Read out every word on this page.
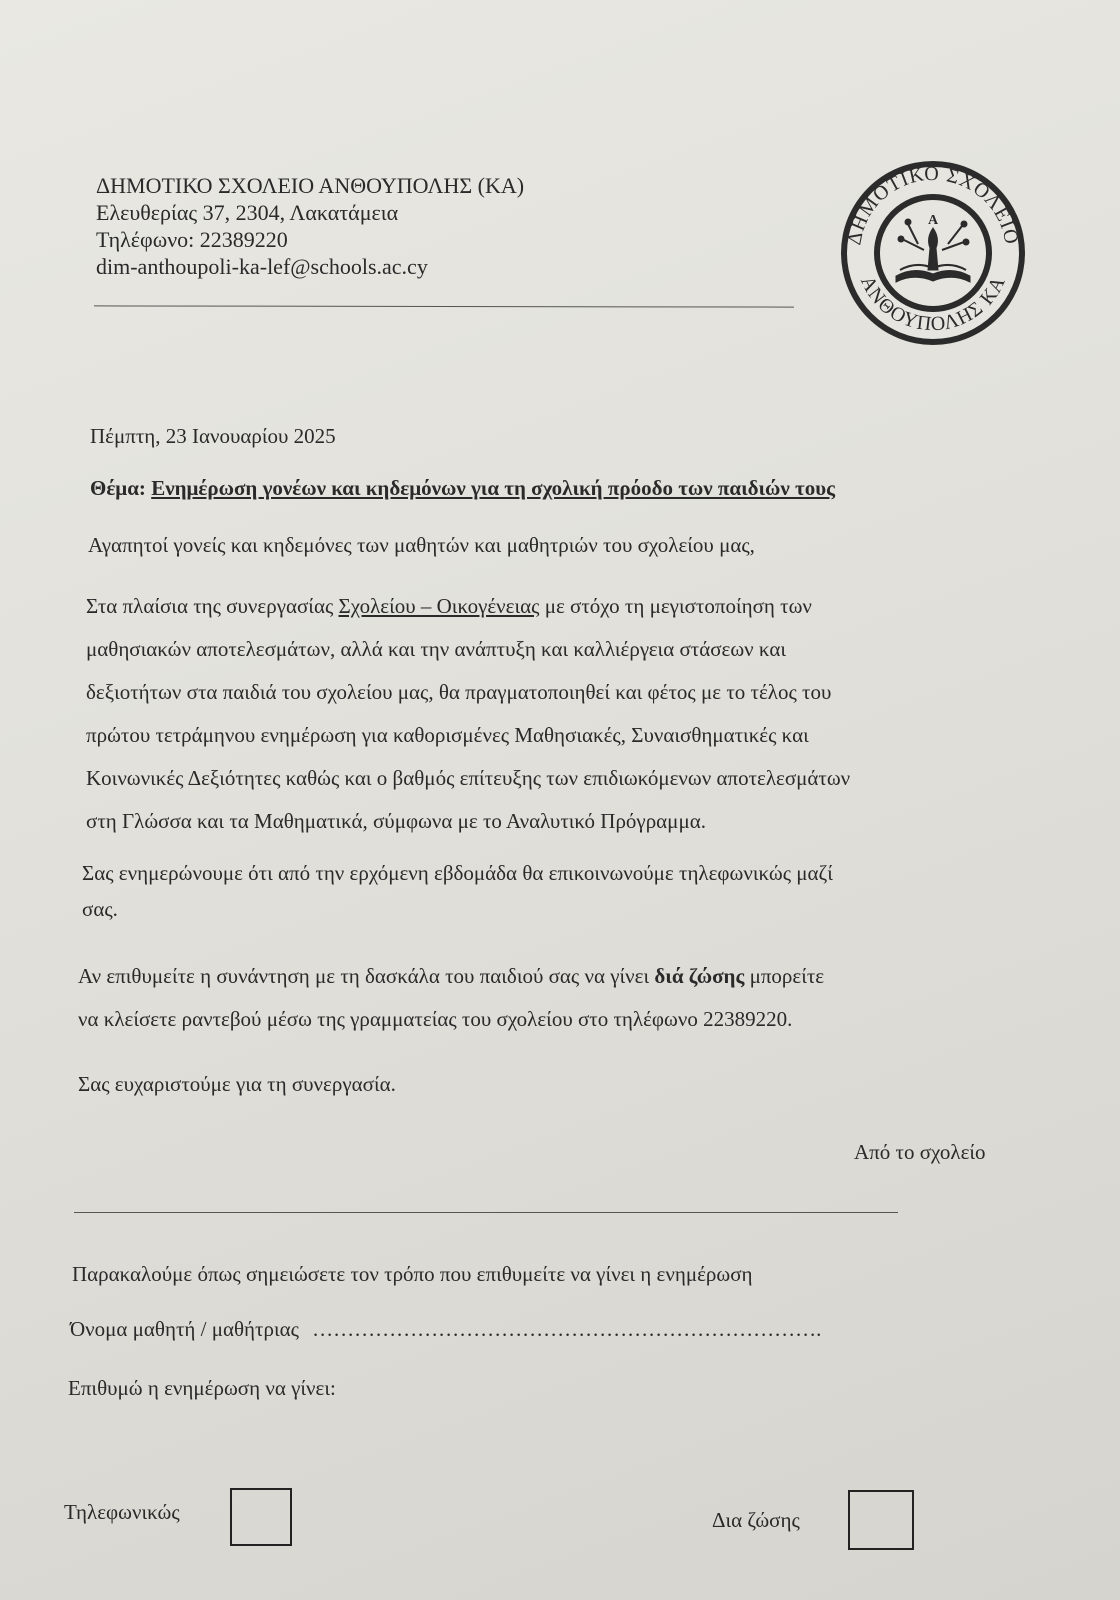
ΔΗΜΟΤΙΚΟ ΣΧΟΛΕΙΟ ΑΝΘΟΥΠΟΛΗΣ (ΚΑ)
Ελευθερίας 37, 2304, Λακατάμεια
Τηλέφωνο: 22389220
dim-anthoupoli-ka-lef@schools.ac.cy
ΔΗΜΟΤΙΚΟ ΣΧΟΛΕΙΟ
ΑΝΘΟΥΠΟΛΗΣ ΚΑ
Α
Πέμπτη, 23 Ιανουαρίου 2025
Θέμα: Ενημέρωση γονέων και κηδεμόνων για τη σχολική πρόοδο των παιδιών τους
Αγαπητοί γονείς και κηδεμόνες των μαθητών και μαθητριών του σχολείου μας,
Στα πλαίσια της συνεργασίας Σχολείου – Οικογένειας με στόχο τη μεγιστοποίηση των
μαθησιακών αποτελεσμάτων, αλλά και την ανάπτυξη και καλλιέργεια στάσεων και
δεξιοτήτων στα παιδιά του σχολείου μας, θα πραγματοποιηθεί και φέτος με το τέλος του
πρώτου τετράμηνου ενημέρωση για καθορισμένες Μαθησιακές, Συναισθηματικές και
Κοινωνικές Δεξιότητες καθώς και ο βαθμός επίτευξης των επιδιωκόμενων αποτελεσμάτων
στη Γλώσσα και τα Μαθηματικά, σύμφωνα με το Αναλυτικό Πρόγραμμα.
Σας ενημερώνουμε ότι από την ερχόμενη εβδομάδα θα επικοινωνούμε τηλεφωνικώς μαζί
σας.
Αν επιθυμείτε η συνάντηση με τη δασκάλα του παιδιού σας να γίνει διά ζώσης μπορείτε
να κλείσετε ραντεβού μέσω της γραμματείας του σχολείου στο τηλέφωνο 22389220.
Σας ευχαριστούμε για τη συνεργασία.
Από το σχολείο
Παρακαλούμε όπως σημειώσετε τον τρόπο που επιθυμείτε να γίνει η ενημέρωση
Όνομα μαθητή / μαθήτριας ……………………………………………………………….
Επιθυμώ η ενημέρωση να γίνει:
Τηλεφωνικώς	Δια ζώσης
